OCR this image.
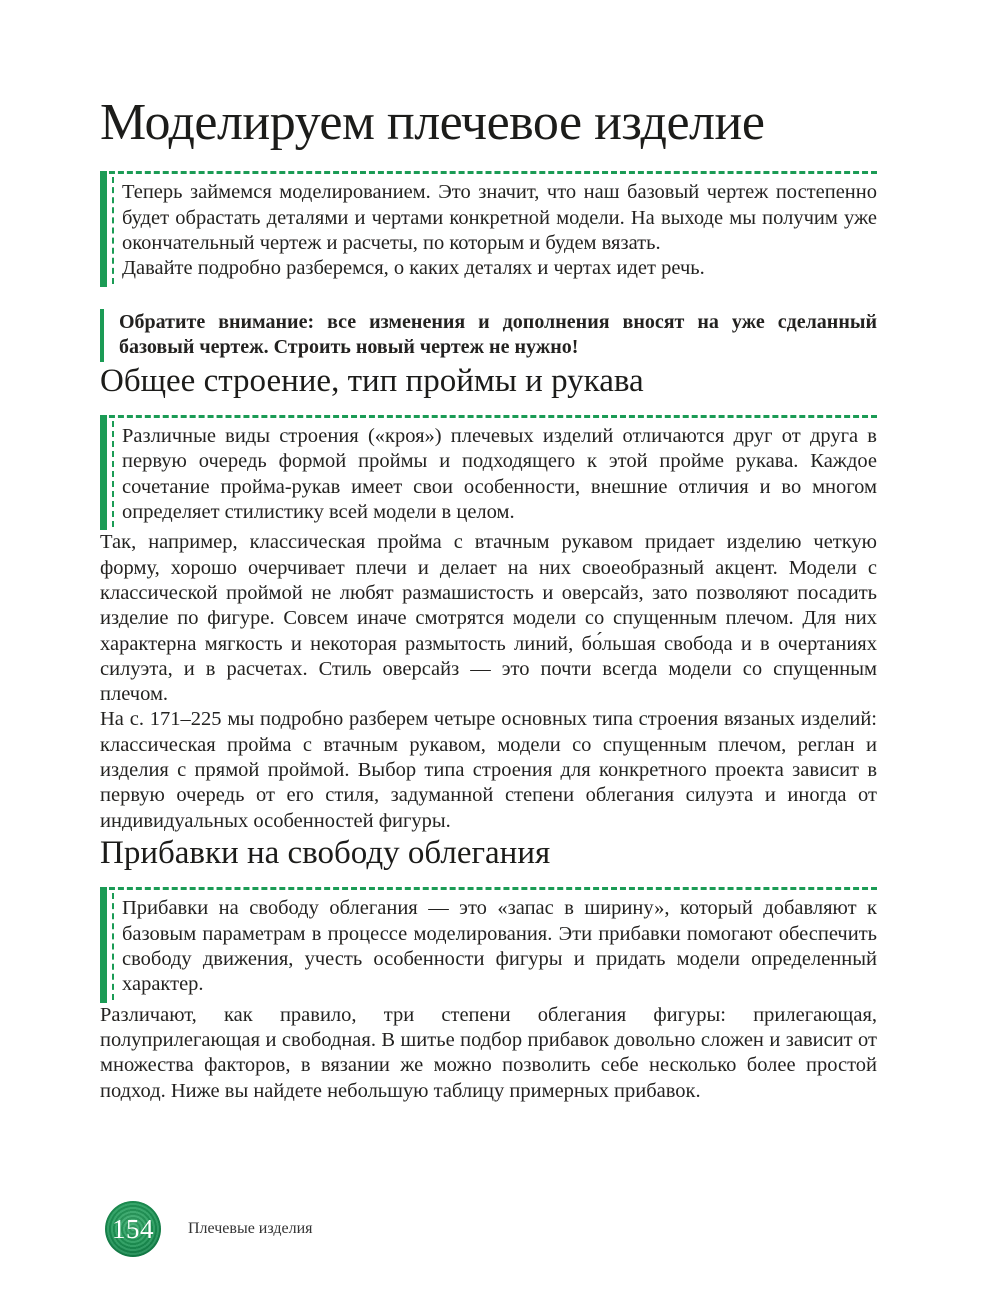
Моделируем плечевое изделие

Теперь займемся моделированием. Это значит, что наш базовый чертеж постепенно будет обрастать деталями и чертами конкретной модели. На выходе мы получим уже окончательный чертеж и расчеты, по которым и будем вязать.

Давайте подробно разберемся, о каких деталях и чертах идет речь.

Обратите внимание: все изменения и дополнения вносят на уже сделанный базовый чертеж. Строить новый чертеж не нужно!

Общее строение, тип проймы и рукава

Различные виды строения («кроя») плечевых изделий отличаются друг от друга в первую очередь формой проймы и подходящего к этой пройме рукава. Каждое сочетание пройма-рукав имеет свои особенности, внешние отличия и во многом определяет стилистику всей модели в целом.

Так, например, классическая пройма с втачным рукавом придает изделию четкую форму, хорошо очерчивает плечи и делает на них своеобразный акцент. Модели с классической проймой не любят размашистость и оверсайз, зато позволяют посадить изделие по фигуре. Совсем иначе смотрятся модели со спущенным плечом. Для них характерна мягкость и некоторая размытость линий, бо́льшая свобода и в очертаниях силуэта, и в расчетах. Стиль оверсайз — это почти всегда модели со спущенным плечом.

На с. 171–225 мы подробно разберем четыре основных типа строения вязаных изделий: классическая пройма с втачным рукавом, модели со спущенным плечом, реглан и изделия с прямой проймой. Выбор типа строения для конкретного проекта зависит в первую очередь от его стиля, задуманной степени облегания силуэта и иногда от индивидуальных особенностей фигуры.

Прибавки на свободу облегания

Прибавки на свободу облегания — это «запас в ширину», который добавляют к базовым параметрам в процессе моделирования. Эти прибавки помогают обеспечить свободу движения, учесть особенности фигуры и придать модели определенный характер.

Различают, как правило, три степени облегания фигуры: прилегающая, полуприлегающая и свободная. В шитье подбор прибавок довольно сложен и зависит от множества факторов, в вязании же можно позволить себе несколько более простой подход. Ниже вы найдете небольшую таблицу примерных прибавок.

154	Плечевые изделия
